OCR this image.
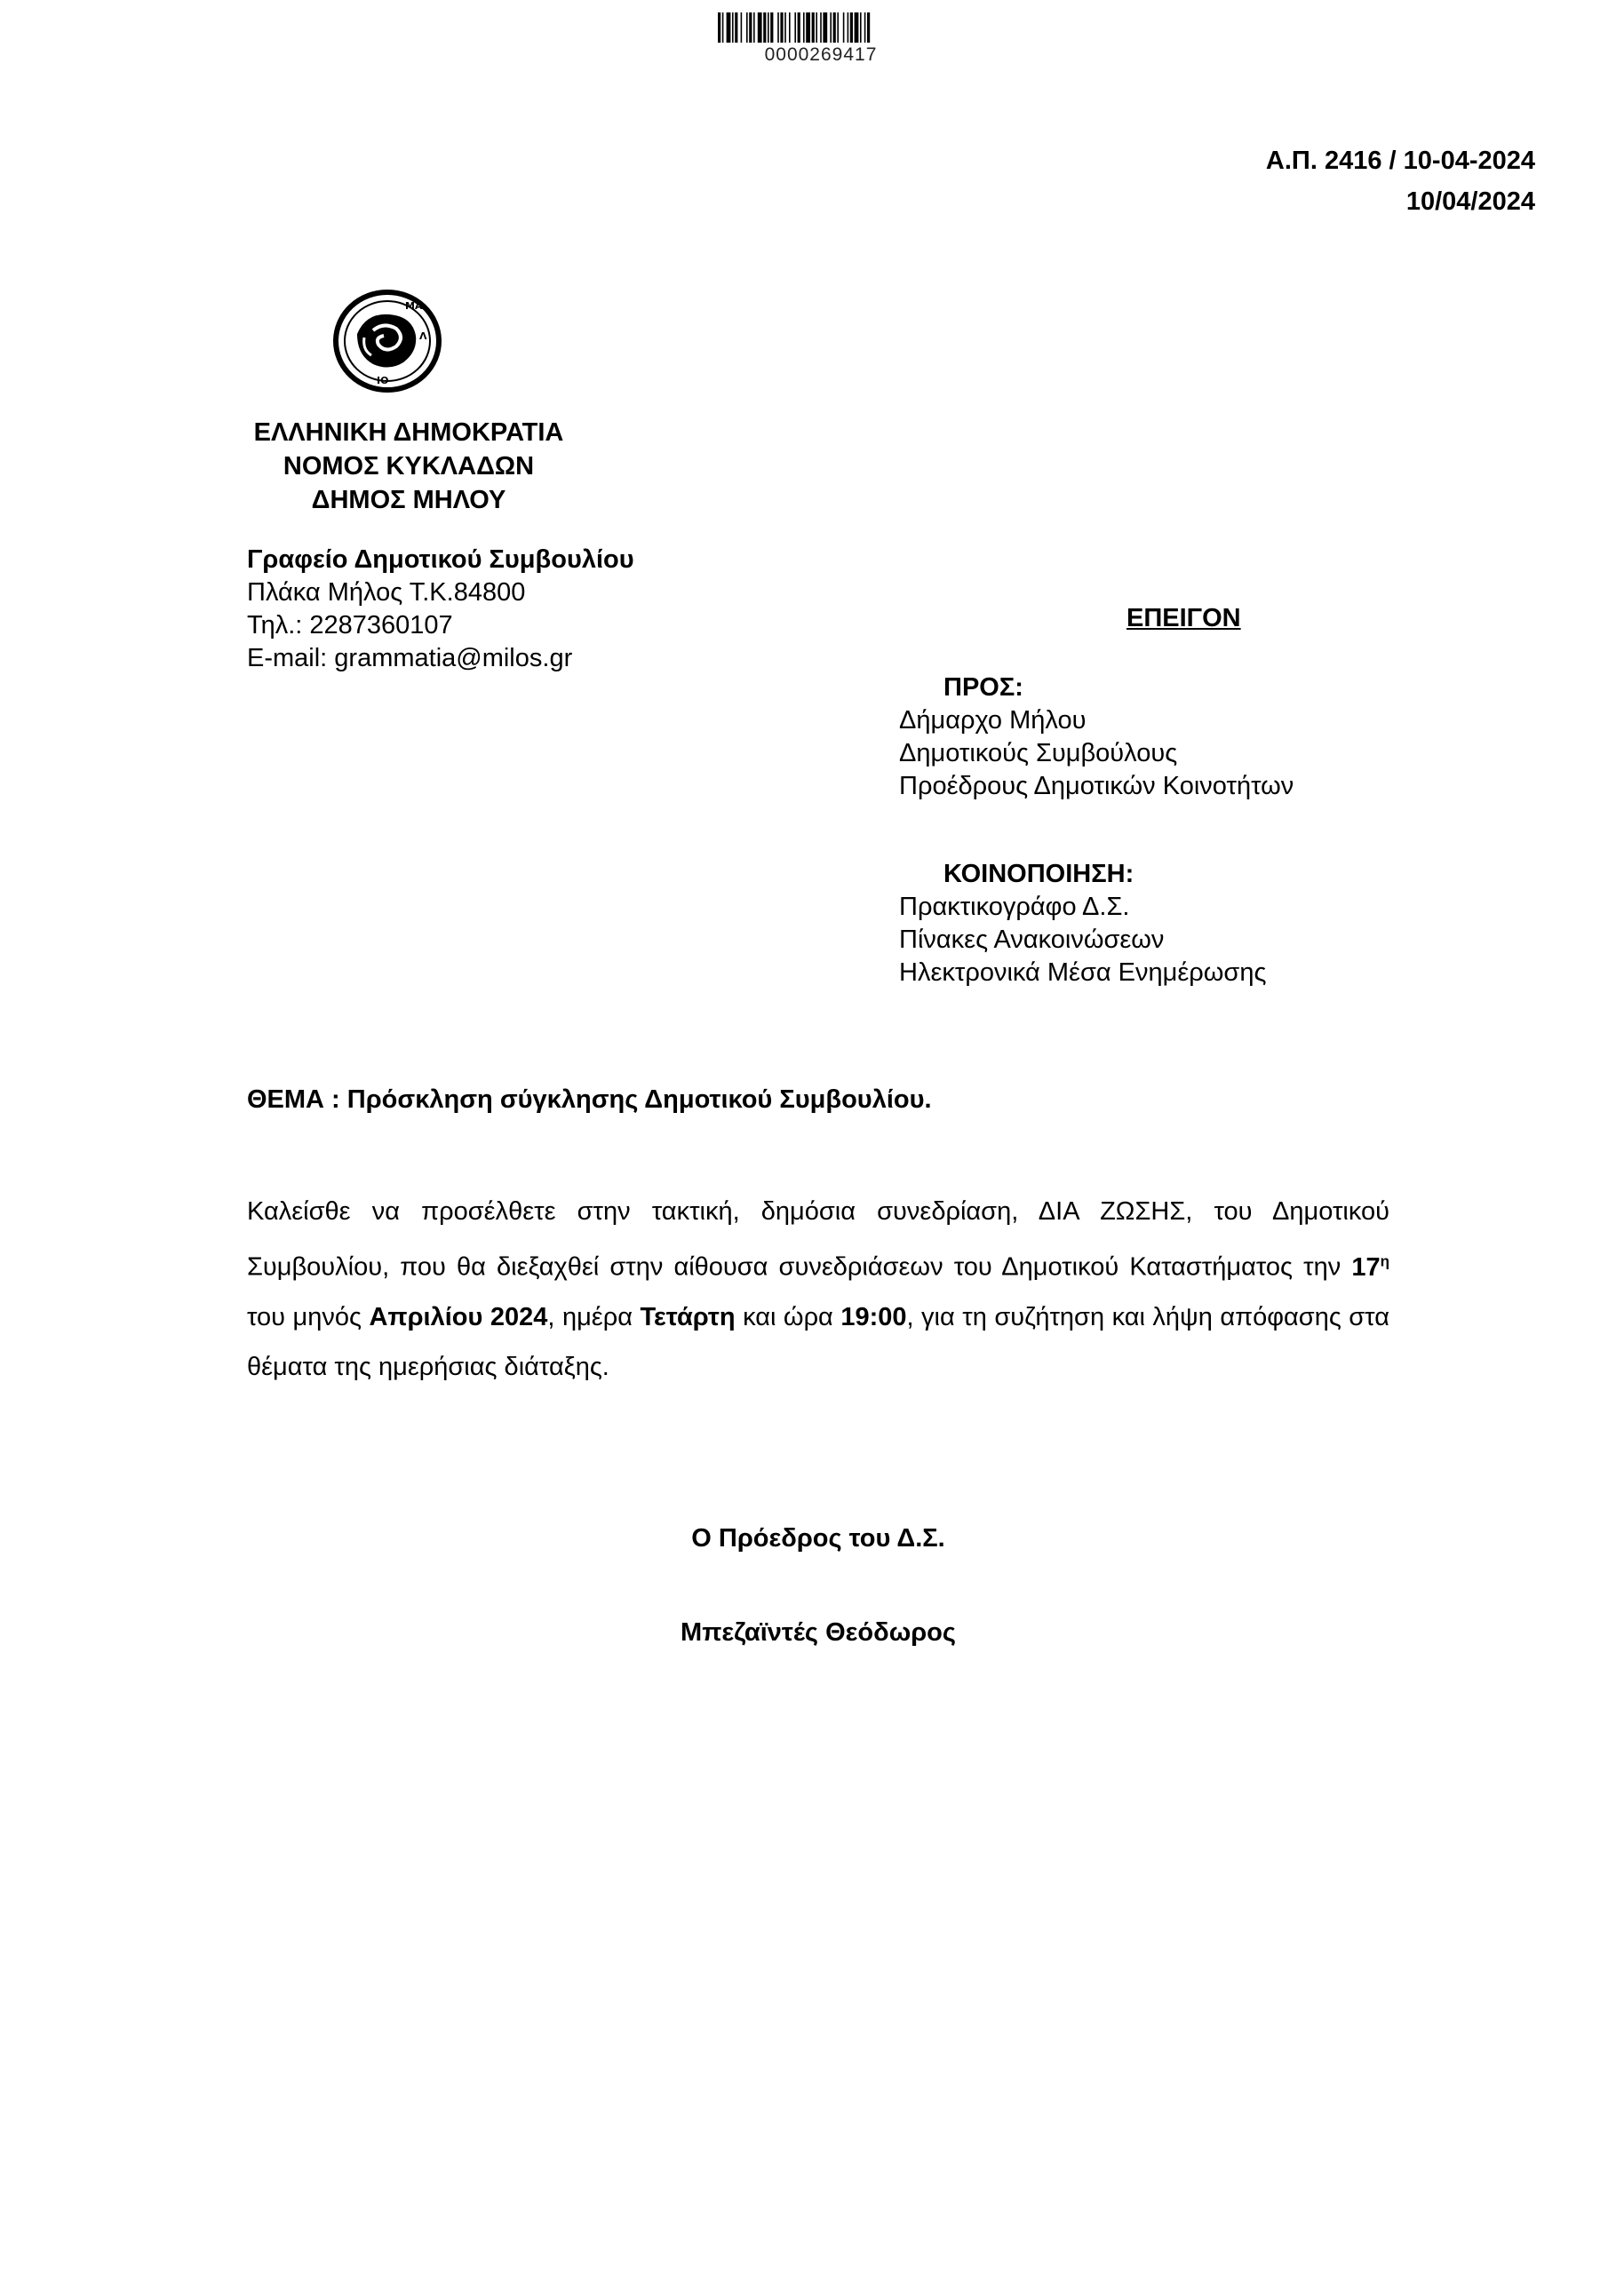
0000269417
Α.Π. 2416 / 10-04-2024
10/04/2024
ΜΑ
Λ
ΙΟ
ΕΛΛΗΝΙΚΗ ΔΗΜΟΚΡΑΤΙΑ
ΝΟΜΟΣ ΚΥΚΛΑΔΩΝ
ΔΗΜΟΣ ΜΗΛΟΥ
Γραφείο Δημοτικού Συμβουλίου
Πλάκα Μήλος Τ.Κ.84800
Τηλ.: 2287360107
E-mail: grammatia@milos.gr
ΕΠΕΙΓΟΝ
ΠΡΟΣ:
Δήμαρχο Μήλου
Δημοτικούς Συμβούλους
Προέδρους Δημοτικών Κοινοτήτων
ΚΟΙΝΟΠΟΙΗΣΗ:
Πρακτικογράφο Δ.Σ.
Πίνακες Ανακοινώσεων
Ηλεκτρονικά Μέσα Ενημέρωσης
ΘΕΜΑ : Πρόσκληση σύγκλησης Δημοτικού Συμβουλίου.
Καλείσθε να προσέλθετε στην τακτική, δημόσια συνεδρίαση, ΔΙΑ ΖΩΣΗΣ, του Δημοτικού Συμβουλίου, που θα διεξαχθεί στην αίθουσα συνεδριάσεων του Δημοτικού Καταστήματος την $17^\eta$ του μηνός Απριλίου 2024, ημέρα Τετάρτη και ώρα 19:00, για τη συζήτηση και λήψη απόφασης στα θέματα της ημερήσιας διάταξης.
Ο Πρόεδρος του Δ.Σ.
Μπεζαϊντές Θεόδωρος
